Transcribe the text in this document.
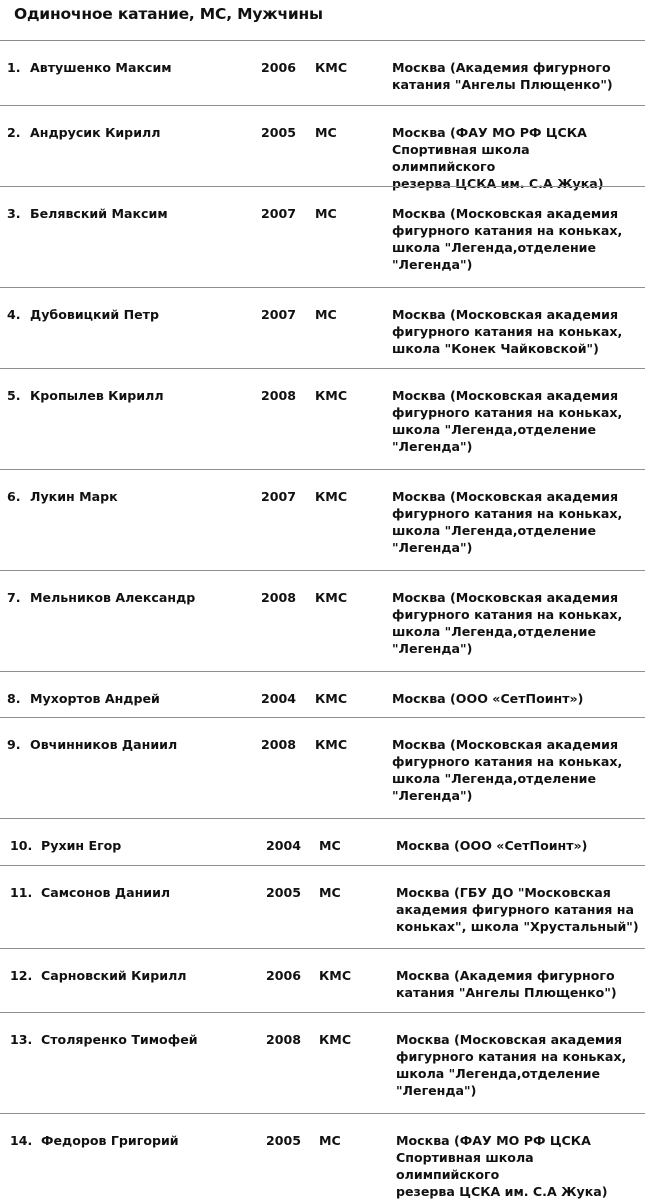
Одиночное катание, МС, Мужчины
1. Автушенко Максим	2006 КМС	Москва (Академия фигурного
катания "Ангелы Плющенко")
2. Андрусик Кирилл	2005 МС	Москва (ФАУ МО РФ ЦСКА
Спортивная школа олимпийского
резерва ЦСКА им. С.А Жука)
3. Белявский Максим	2007 МС	Москва (Московская академия
фигурного катания на коньках,
школа "Легенда,отделение
"Легенда")
4. Дубовицкий Петр	2007 МС	Москва (Московская академия
фигурного катания на коньках,
школа "Конек Чайковской")
5. Кропылев Кирилл	2008 КМС	Москва (Московская академия
фигурного катания на коньках,
школа "Легенда,отделение
"Легенда")
6. Лукин Марк	2007 КМС	Москва (Московская академия
фигурного катания на коньках,
школа "Легенда,отделение
"Легенда")
7. Мельников Александр	2008 КМС	Москва (Московская академия
фигурного катания на коньках,
школа "Легенда,отделение
"Легенда")
8. Мухортов Андрей	2004 КМС	Москва (ООО «СетПоинт»)
9. Овчинников Даниил	2008 КМС	Москва (Московская академия
фигурного катания на коньках,
школа "Легенда,отделение
"Легенда")
10. Рухин Егор	2004 МС	Москва (ООО «СетПоинт»)
11. Самсонов Даниил	2005 МС	Москва (ГБУ ДО "Московская
академия фигурного катания на
коньках", школа "Хрустальный")
12. Сарновский Кирилл	2006 КМС	Москва (Академия фигурного
катания "Ангелы Плющенко")
13. Столяренко Тимофей	2008 КМС	Москва (Московская академия
фигурного катания на коньках,
школа "Легенда,отделение
"Легенда")
14. Федоров Григорий	2005 МС	Москва (ФАУ МО РФ ЦСКА
Спортивная школа олимпийского
резерва ЦСКА им. С.А Жука)
